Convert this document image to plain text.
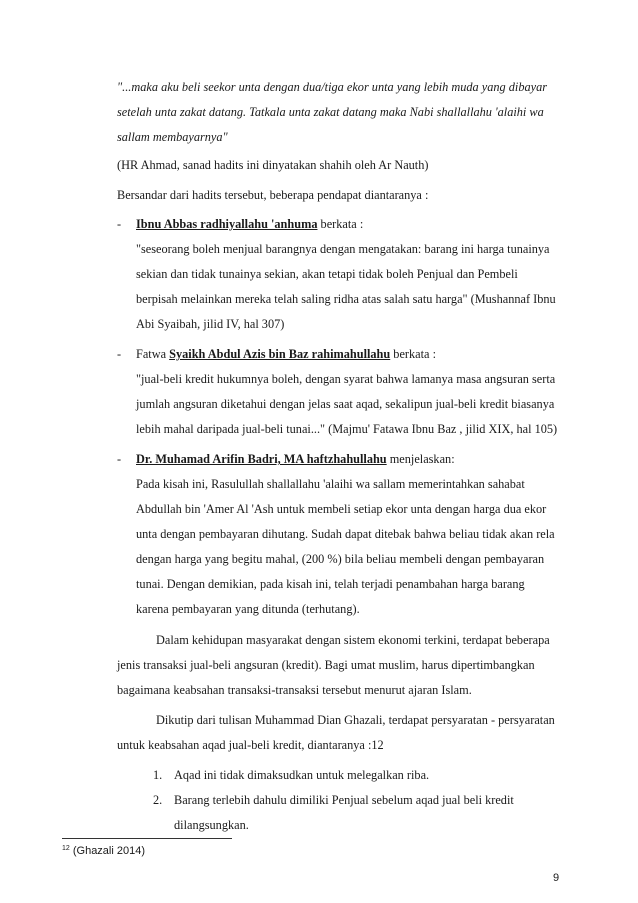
"...maka aku beli seekor unta dengan dua/tiga ekor unta yang lebih muda yang dibayar

setelah unta zakat datang. Tatkala unta zakat datang maka Nabi shallallahu 'alaihi wa

sallam membayarnya"

(HR Ahmad, sanad hadits ini dinyatakan shahih oleh Ar Nauth)

Bersandar dari hadits tersebut, beberapa pendapat diantaranya :

- Ibnu Abbas radhiyallahu 'anhuma berkata :

"seseorang boleh menjual barangnya dengan mengatakan: barang ini harga tunainya

sekian dan tidak tunainya sekian, akan tetapi tidak boleh Penjual dan Pembeli

berpisah melainkan mereka telah saling ridha atas salah satu harga" (Mushannaf Ibnu

Abi Syaibah, jilid IV, hal 307)

- Fatwa Syaikh Abdul Azis bin Baz rahimahullahu berkata :

"jual-beli kredit hukumnya boleh, dengan syarat bahwa lamanya masa angsuran serta

jumlah angsuran diketahui dengan jelas saat aqad, sekalipun jual-beli kredit biasanya

lebih mahal daripada jual-beli tunai..." (Majmu' Fatawa Ibnu Baz , jilid XIX, hal 105)

- Dr. Muhamad Arifin Badri, MA haftzhahullahu menjelaskan:

Pada kisah ini, Rasulullah shallallahu 'alaihi wa sallam memerintahkan sahabat

Abdullah bin 'Amer Al 'Ash untuk membeli setiap ekor unta dengan harga dua ekor

unta dengan pembayaran dihutang. Sudah dapat ditebak bahwa beliau tidak akan rela

dengan harga yang begitu mahal, (200 %) bila beliau membeli dengan pembayaran

tunai. Dengan demikian, pada kisah ini, telah terjadi penambahan harga barang

karena pembayaran yang ditunda (terhutang).

Dalam kehidupan masyarakat dengan sistem ekonomi terkini, terdapat beberapa

jenis transaksi jual-beli angsuran (kredit). Bagi umat muslim, harus dipertimbangkan

bagaimana keabsahan transaksi-transaksi tersebut menurut ajaran Islam.

Dikutip dari tulisan Muhammad Dian Ghazali, terdapat persyaratan - persyaratan

untuk keabsahan aqad jual-beli kredit, diantaranya :12

1. Aqad ini tidak dimaksudkan untuk melegalkan riba.

2. Barang terlebih dahulu dimiliki Penjual sebelum aqad jual beli kredit

dilangsungkan.

$^{12}$ (Ghazali 2014)
9
